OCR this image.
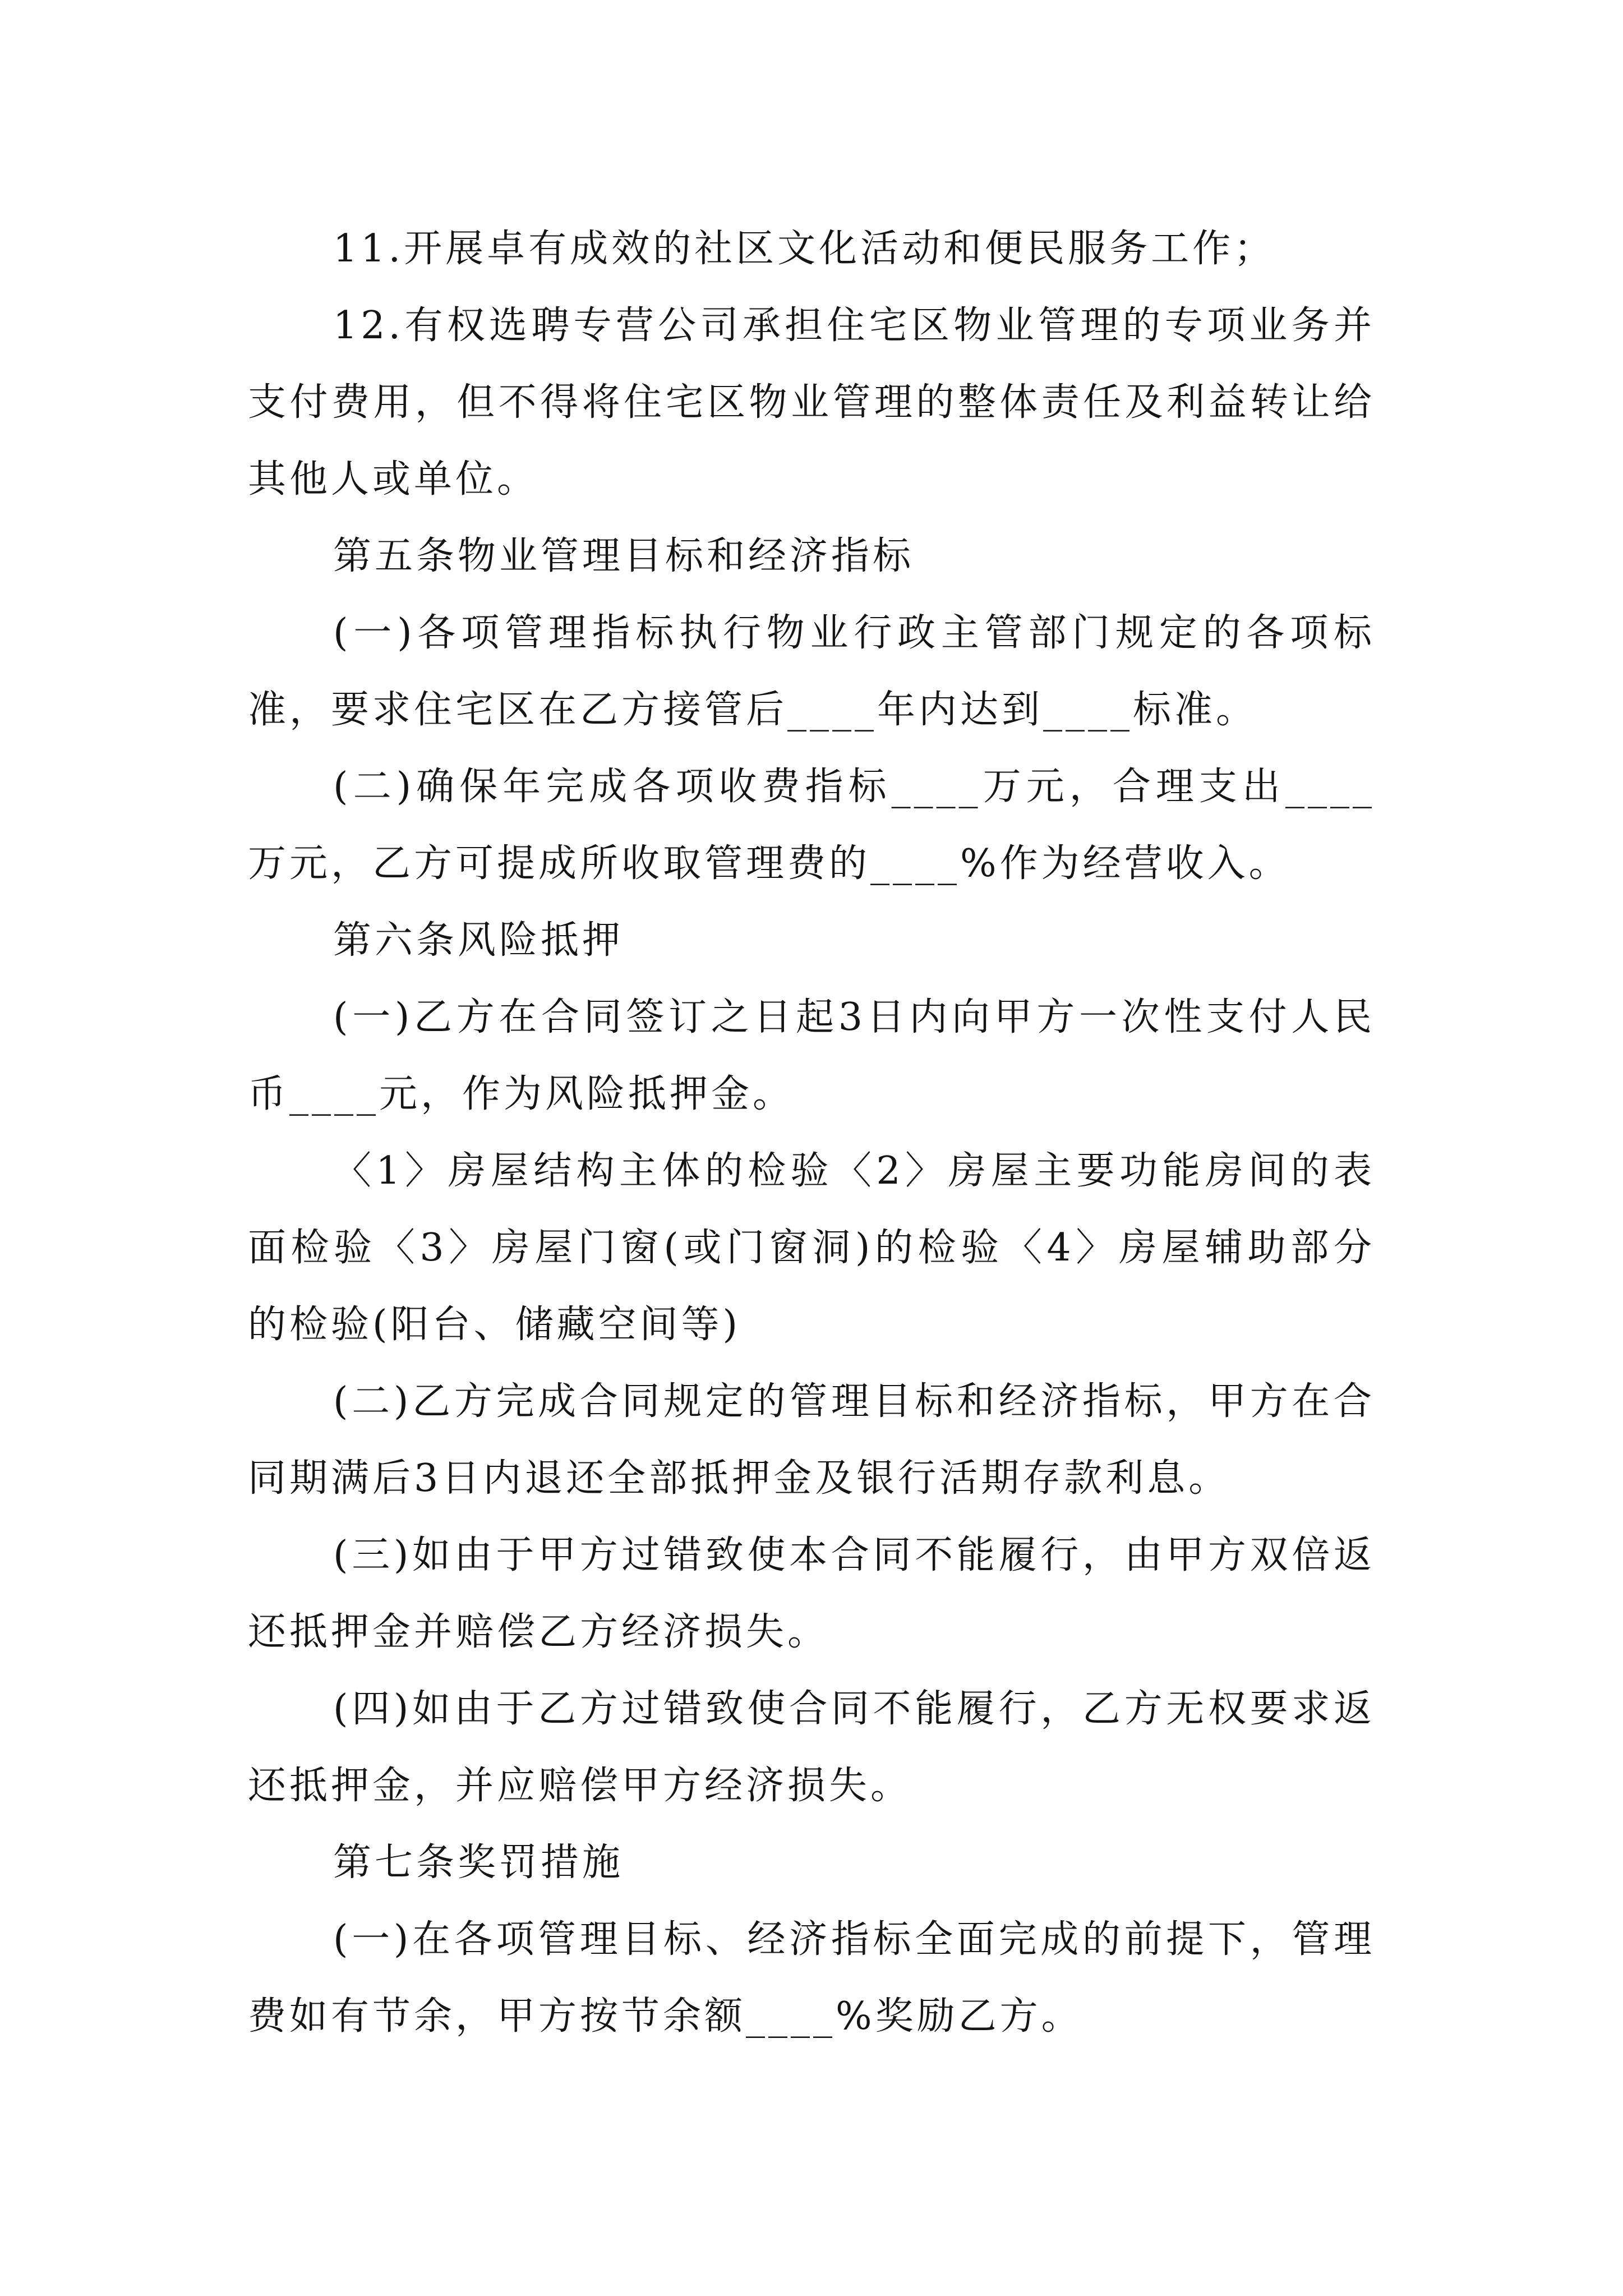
11.开展卓有成效的社区文化活动和便民服务工作；

12.有权选聘专营公司承担住宅区物业管理的专项业务并支付费用，但不得将住宅区物业管理的整体责任及利益转让给其他人或单位。

第五条物业管理目标和经济指标

(一)各项管理指标执行物业行政主管部门规定的各项标准，要求住宅区在乙方接管后____年内达到____标准。

(二)确保年完成各项收费指标____万元，合理支出____万元，乙方可提成所收取管理费的____%作为经营收入。

第六条风险抵押

(一)乙方在合同签订之日起3日内向甲方一次性支付人民币____元，作为风险抵押金。

〈1〉房屋结构主体的检验〈2〉房屋主要功能房间的表面检验〈3〉房屋门窗(或门窗洞)的检验〈4〉房屋辅助部分的检验(阳台、储藏空间等)

(二)乙方完成合同规定的管理目标和经济指标，甲方在合同期满后3日内退还全部抵押金及银行活期存款利息。

(三)如由于甲方过错致使本合同不能履行，由甲方双倍返还抵押金并赔偿乙方经济损失。

(四)如由于乙方过错致使合同不能履行，乙方无权要求返还抵押金，并应赔偿甲方经济损失。

第七条奖罚措施

(一)在各项管理目标、经济指标全面完成的前提下，管理费如有节余，甲方按节余额____%奖励乙方。
